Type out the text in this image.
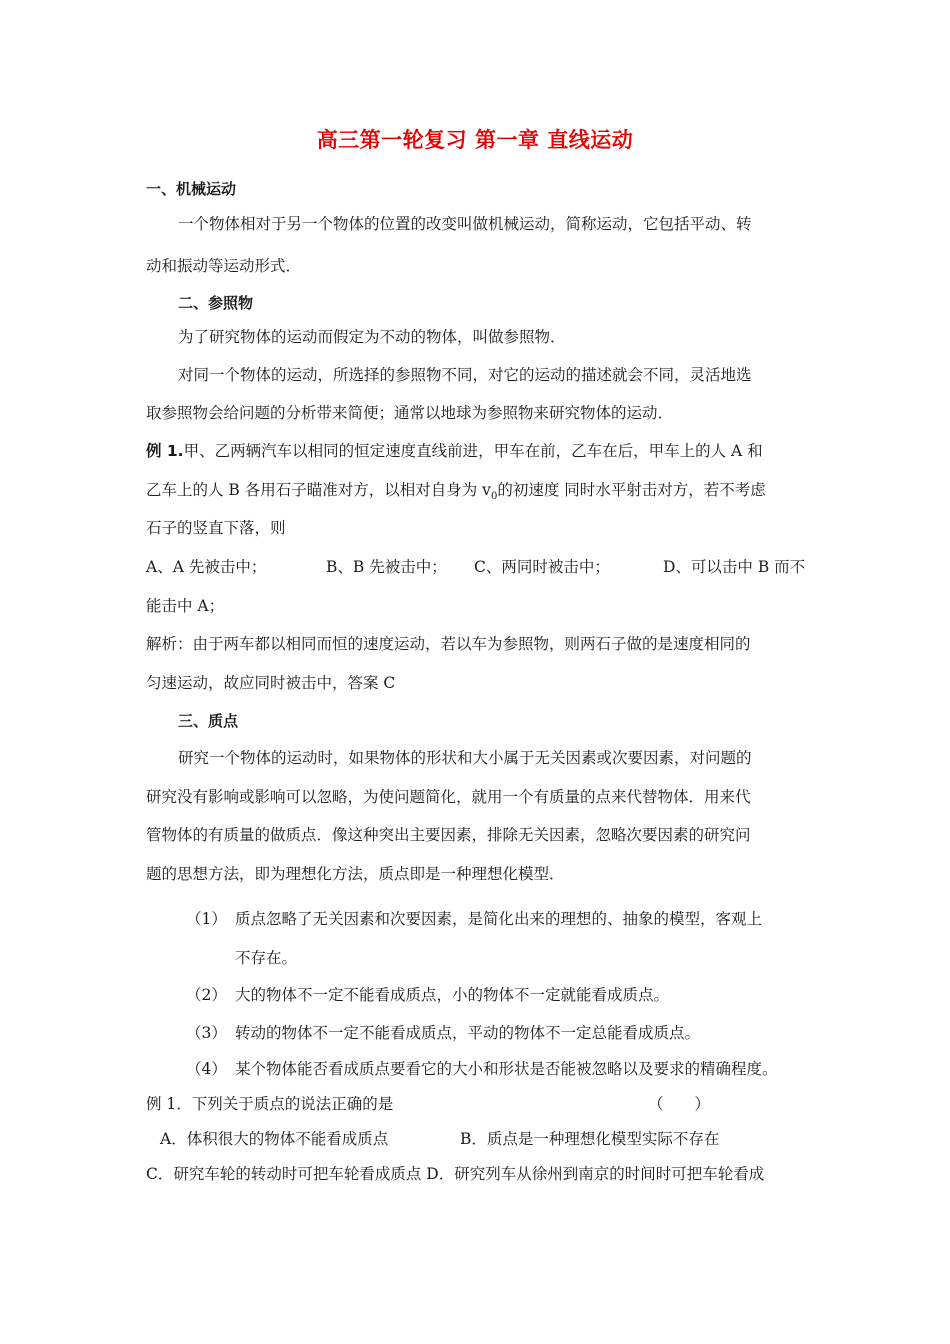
高三第一轮复习 第一章 直线运动
一、机械运动
一个物体相对于另一个物体的位置的改变叫做机械运动，简称运动，它包括平动、转
动和振动等运动形式．
二、参照物
为了研究物体的运动而假定为不动的物体，叫做参照物．
对同一个物体的运动，所选择的参照物不同，对它的运动的描述就会不同，灵活地选
取参照物会给问题的分析带来简便；通常以地球为参照物来研究物体的运动．
例 1.甲、乙两辆汽车以相同的恒定速度直线前进，甲车在前，乙车在后，甲车上的人 A 和
乙车上的人 B 各用石子瞄准对方，以相对自身为 $v_0$的初速度 同时水平射击对方，若不考虑
石子的竖直下落，则
A、A 先被击中；	B、B 先被击中； C、两同时被击中；	D、可以击中 B 而不
能击中 A；
解析：由于两车都以相同而恒的速度运动，若以车为参照物，则两石子做的是速度相同的
匀速运动，故应同时被击中，答案 C
三、质点
研究一个物体的运动时，如果物体的形状和大小属于无关因素或次要因素，对问题的
研究没有影响或影响可以忽略，为使问题简化，就用一个有质量的点来代替物体．用来代
管物体的有质量的做质点．像这种突出主要因素，排除无关因素，忽略次要因素的研究问
题的思想方法，即为理想化方法，质点即是一种理想化模型．
（1） 质点忽略了无关因素和次要因素，是简化出来的理想的、抽象的模型，客观上
不存在。
（2） 大的物体不一定不能看成质点，小的物体不一定就能看成质点。
（3） 转动的物体不一定不能看成质点，平动的物体不一定总能看成质点。
（4） 某个物体能否看成质点要看它的大小和形状是否能被忽略以及要求的精确程度。
例 1．下列关于质点的说法正确的是	（　　）
A．体积很大的物体不能看成质点	B．质点是一种理想化模型实际不存在
C．研究车轮的转动时可把车轮看成质点 D．研究列车从徐州到南京的时间时可把车轮看成
